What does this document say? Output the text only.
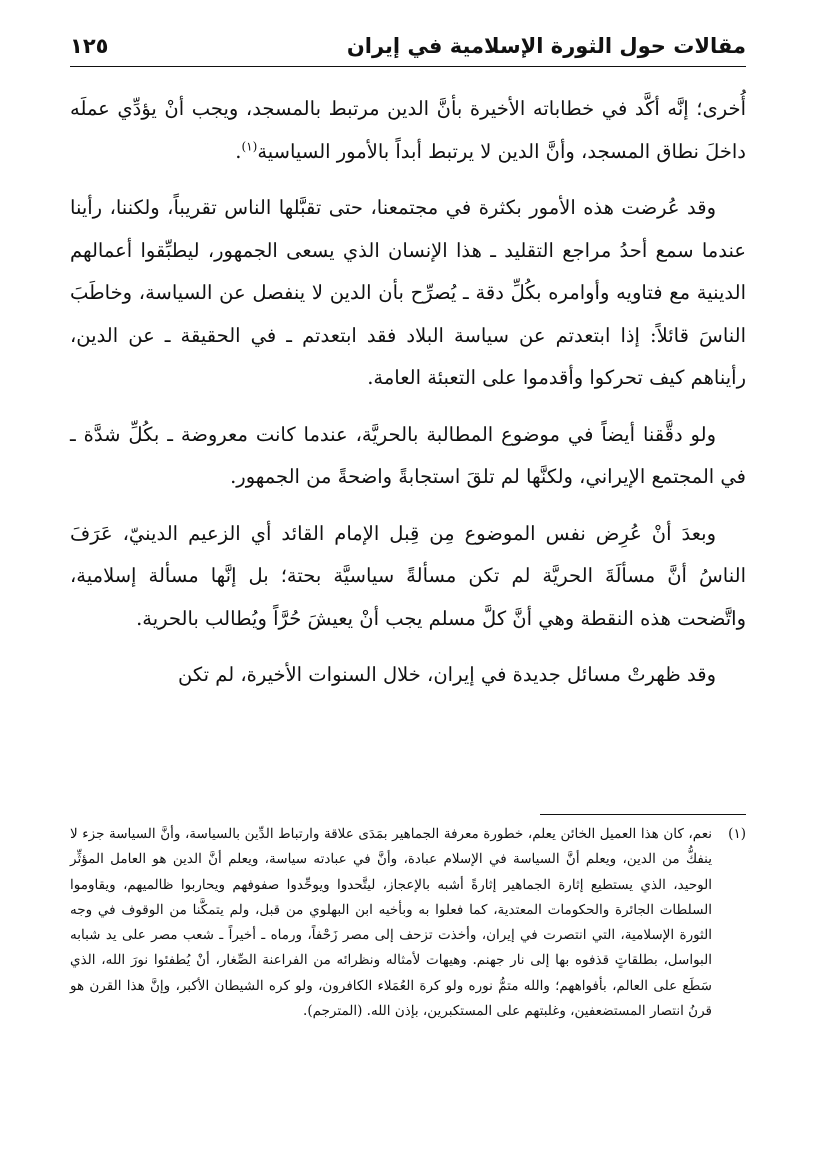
مقالات حول الثورة الإسلامية في إيران
١٢٥

أُخرى؛ إنَّه أكَّد في خطاباته الأخيرة بأنَّ الدين مرتبط بالمسجد، ويجب أنْ يؤدِّي عملَه داخلَ نطاق المسجد، وأنَّ الدين لا يرتبط أبداً بالأمور السياسية$^{(١)}$.

وقد عُرضت هذه الأمور بكثرة في مجتمعنا، حتى تقبَّلها الناس تقريباً، ولكننا، رأينا عندما سمع أحدُ مراجع التقليد ـ هذا الإنسان الذي يسعى الجمهور، ليطبِّقوا أعمالهم الدينية مع فتاويه وأوامره بكُلِّ دقة ـ يُصرِّح بأن الدين لا ينفصل عن السياسة، وخاطَبَ الناسَ قائلاً: إذا ابتعدتم عن سياسة البلاد فقد ابتعدتم ـ في الحقيقة ـ عن الدين، رأيناهم كيف تحركوا وأقدموا على التعبئة العامة.

ولو دقَّقنا أيضاً في موضوع المطالبة بالحريَّة، عندما كانت معروضة ـ بكُلِّ شدَّة ـ في المجتمع الإيراني، ولكنَّها لم تلقَ استجابةً واضحةً من الجمهور.

وبعدَ أنْ عُرِض نفس الموضوع مِن قِبل الإمام القائد أي الزعيم الدينيّ، عَرَفَ الناسُ أنَّ مسألَةَ الحريَّة لم تكن مسألةً سياسيَّة بحتة؛ بل إنَّها مسألة إسلامية، واتَّضحت هذه النقطة وهي أنَّ كلَّ مسلم يجب أنْ يعيشَ حُرَّاً ويُطالب بالحرية.

وقد ظهرتْ مسائل جديدة في إيران، خلال السنوات الأخيرة، لم تكن

(١)
نعم، كان هذا العميل الخائن يعلم، خطورة معرفة الجماهير بمَدَى علاقة وارتباط الدِّين بالسياسة، وأنَّ السياسة جزء لا ينفكُّ من الدين، ويعلم أنَّ السياسة في الإسلام عبادة، وأنَّ في عبادته سياسة، ويعلم أنَّ الدين هو العامل المؤثِّر الوحيد، الذي يستطيع إثارة الجماهير إثارةً أشبه بالإعجاز، ليتَّحدوا ويوحِّدوا صفوفهم ويحاربوا ظالميهم، ويقاوموا السلطات الجائرة والحكومات المعتدية، كما فعلوا به وبأخيه ابن البهلوي من قبل، ولم يتمكَّنا من الوقوف في وجه الثورة الإسلامية، التي انتصرت في إيران، وأخذت تزحف إلى مصر زَحْفاً، ورماه ـ أخيراً ـ شعب مصر على يد شبابه البواسل، بطلقاتٍ قذفوه بها إلى نار جهنم. وهيهات لأمثاله ونظرائه من الفراعنة الصِّغار، أنْ يُطفئوا نورَ الله، الذي سَطَع على العالم، بأفواههم؛ والله متمُّ نوره ولو كرهَ العُمَلاء الكافرون، ولو كره الشيطان الأكبر، وإنَّ هذا القرن هو قرنُ انتصار المستضعفين، وغلبتهم على المستكبرين، بإذن الله. (المترجم).
